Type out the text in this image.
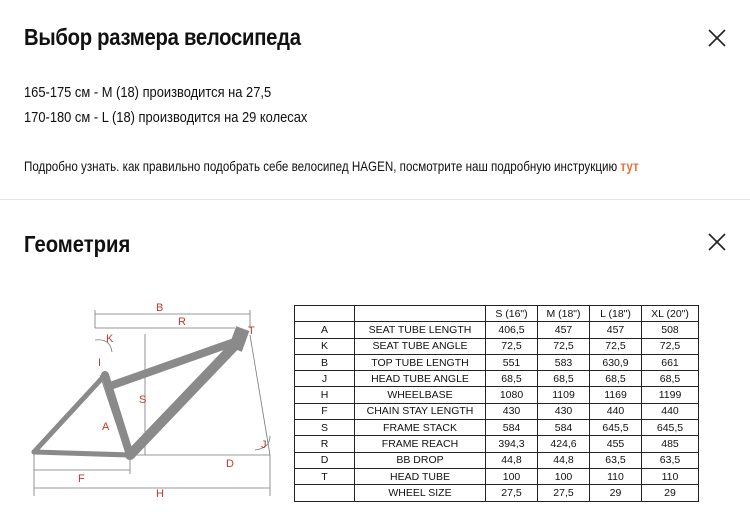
Выбор размера велосипеда
165-175 см - M (18) производится на 27,5
170-180 см - L (18) производится на 29 колесах
Подробно узнать. как правильно подобрать себе велосипед HAGEN, посмотрите наш подробную инструкцию тут
Геометрия
B
R
T
K
I
S
A
J
D
F
H
		S (16")	M (18")	L (18")	XL (20")
A	SEAT TUBE LENGTH	406,5	457	457	508
K	SEAT TUBE ANGLE	72,5	72,5	72,5	72,5
B	TOP TUBE LENGTH	551	583	630,9	661
J	HEAD TUBE ANGLE	68,5	68,5	68,5	68,5
H	WHEELBASE	1080	1109	1169	1199
F	CHAIN STAY LENGTH	430	430	440	440
S	FRAME STACK	584	584	645,5	645,5
R	FRAME REACH	394,3	424,6	455	485
D	BB DROP	44,8	44,8	63,5	63,5
T	HEAD TUBE	100	100	110	110
	WHEEL SIZE	27,5	27,5	29	29
